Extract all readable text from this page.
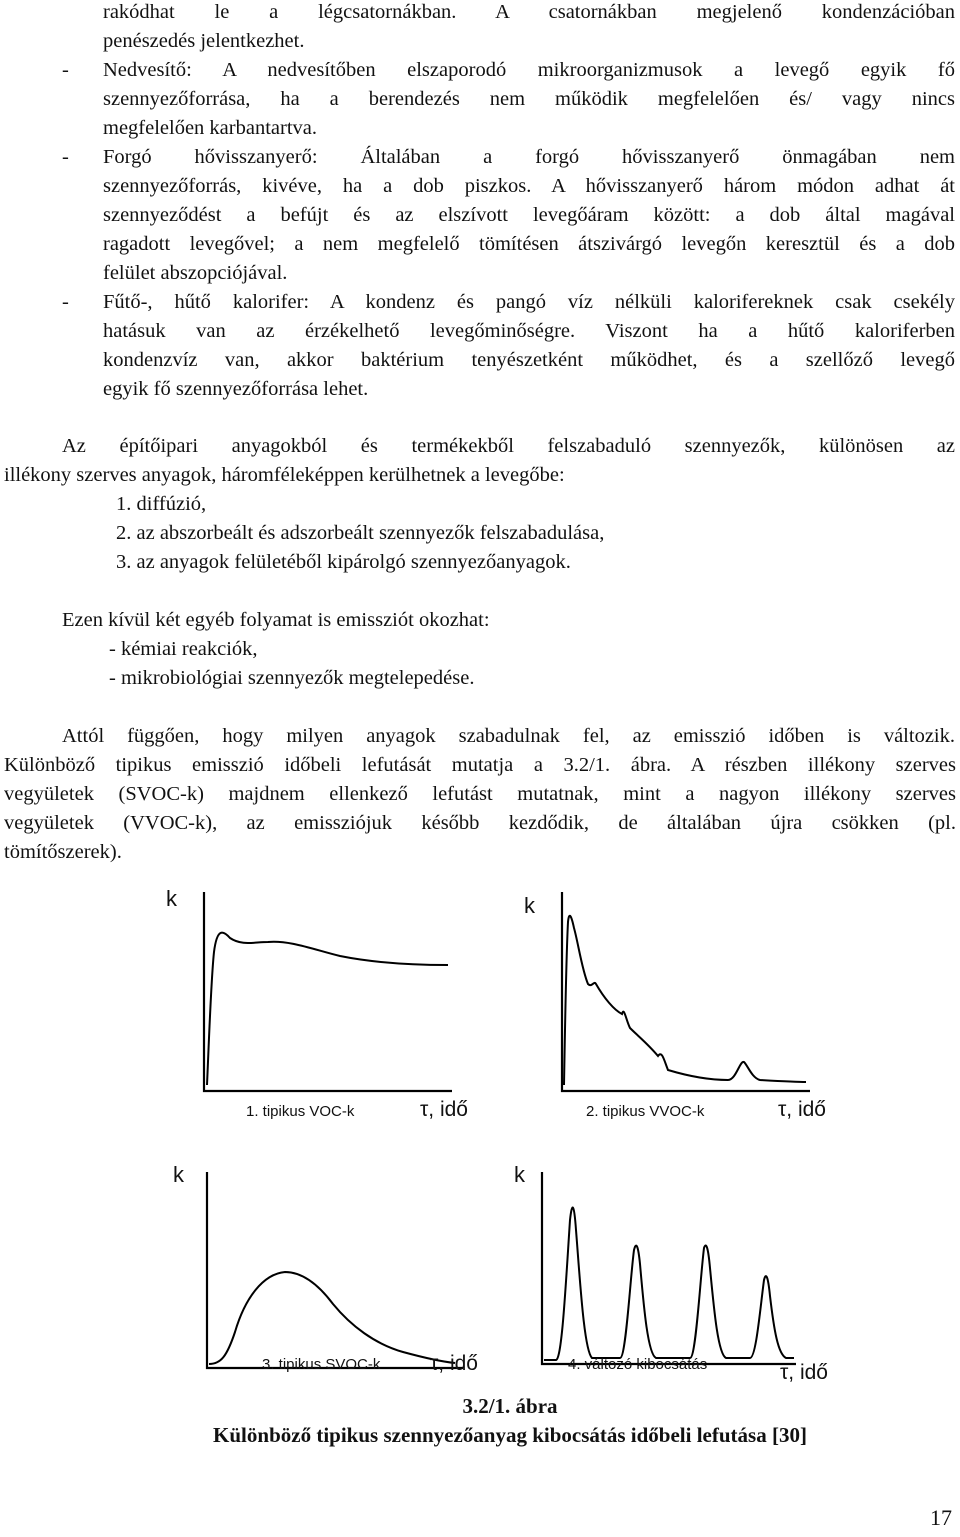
rakódhat le a légcsatornákban. A csatornákban megjelenő kondenzációban
penészedés jelentkezhet.
- Nedvesítő: A nedvesítőben elszaporodó mikroorganizmusok a levegő egyik fő
szennyezőforrása, ha a berendezés nem működik megfelelően és/ vagy nincs
megfelelően karbantartva.
- Forgó hővisszanyerő: Általában a forgó hővisszanyerő önmagában nem
szennyezőforrás, kivéve, ha a dob piszkos. A hővisszanyerő három módon adhat át
szennyeződést a befújt és az elszívott levegőáram között: a dob által magával
ragadott levegővel; a nem megfelelő tömítésen átszivárgó levegőn keresztül és a dob
felület abszopciójával.
- Fűtő-, hűtő kalorifer: A kondenz és pangó víz nélküli kalorifereknek csak csekély
hatásuk van az érzékelhető levegőminőségre. Viszont ha a hűtő kaloriferben
kondenzvíz van, akkor baktérium tenyészetként működhet, és a szellőző levegő
egyik fő szennyezőforrása lehet.
Az építőipari anyagokból és termékekből felszabaduló szennyezők, különösen az
illékony szerves anyagok, háromféleképpen kerülhetnek a levegőbe:
1. diffúzió,
2. az abszorbeált és adszorbeált szennyezők felszabadulása,
3. az anyagok felületéből kipárolgó szennyezőanyagok.
Ezen kívül két egyéb folyamat is emissziót okozhat:
- kémiai reakciók,
- mikrobiológiai szennyezők megtelepedése.
Attól függően, hogy milyen anyagok szabadulnak fel, az emisszió időben is változik.
Különböző tipikus emisszió időbeli lefutását mutatja a 3.2/1. ábra. A részben illékony szerves
vegyületek (SVOC-k) majdnem ellenkező lefutást mutatnak, mint a nagyon illékony szerves
vegyületek (VVOC-k), az emissziójuk később kezdődik, de általában újra csökken (pl.
tömítőszerek).
k
1. tipikus VOC-k	τ, idő
k
2. tipikus VVOC-k	τ, idő
k
3. tipikus SVOC-k τ, idő
k
4. változó kibocsátás	τ, idő
3.2/1. ábra
Különböző tipikus szennyezőanyag kibocsátás időbeli lefutása [30]
17
